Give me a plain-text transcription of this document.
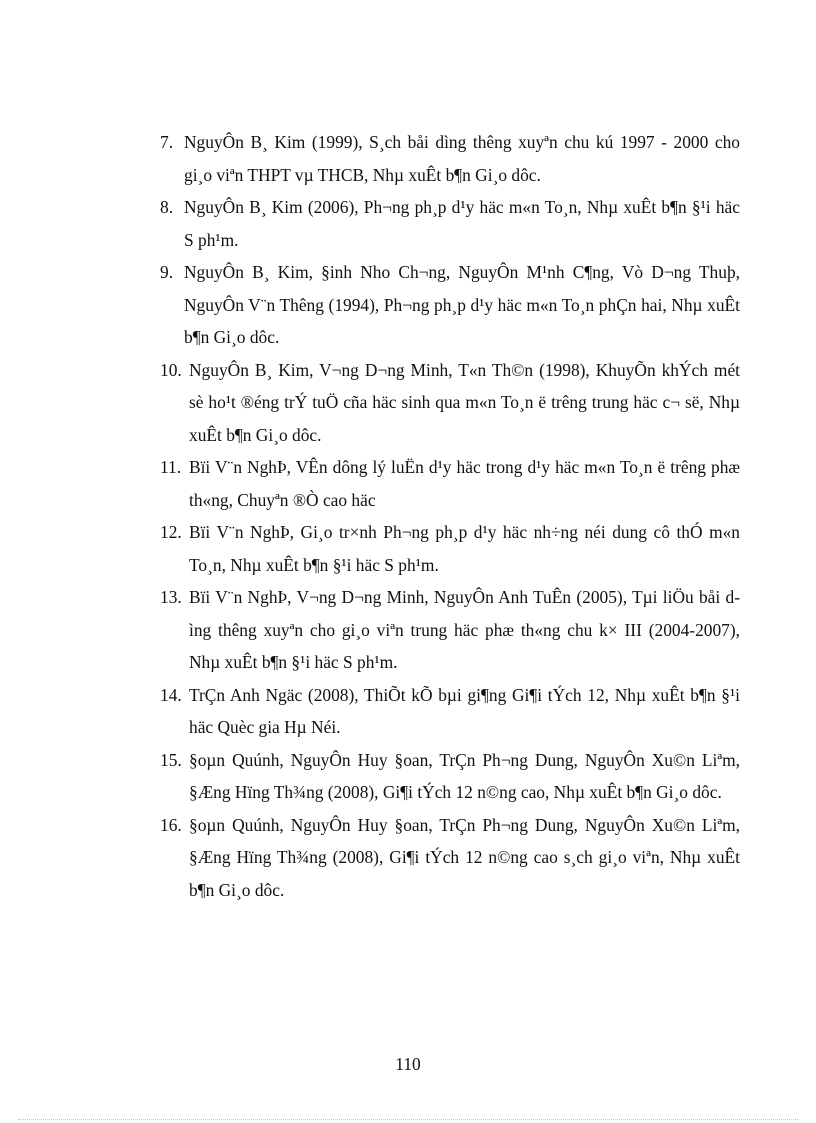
7. NguyÔn B¸ Kim (1999), S¸ch båi dìng thêng xuyªn chu kú 1997 - 2000 cho gi¸o viªn THPT vµ THCB, Nhµ xuÊt b¶n Gi¸o dôc.
8. NguyÔn B¸ Kim (2006), Ph¬ng ph¸p d¹y häc m«n To¸n, Nhµ xuÊt b¶n §¹i häc S ph¹m.
9. NguyÔn B¸ Kim, §inh Nho Ch¬ng, NguyÔn M¹nh C¶ng, Vò D¬ng Thuþ, NguyÔn V¨n Thêng (1994), Ph¬ng ph¸p d¹y häc m«n To¸n phÇn hai, Nhµ xuÊt b¶n Gi¸o dôc.
10. NguyÔn B¸ Kim, V¬ng D¬ng Minh, T«n Th©n (1998), KhuyÕn khÝch mét sè ho¹t ®éng trÝ tuÖ cña häc sinh qua m«n To¸n ë trêng trung häc c¬ së, Nhµ xuÊt b¶n Gi¸o dôc.
11. Bïi V¨n NghÞ, VÊn dông lý luËn d¹y häc trong d¹y häc m«n To¸n ë trêng phæ th«ng, Chuyªn ®Ò cao häc
12. Bïi V¨n NghÞ, Gi¸o tr×nh Ph¬ng ph¸p d¹y häc nh÷ng néi dung cô thÓ m«n To¸n, Nhµ xuÊt b¶n §¹i häc S ph¹m.
13. Bïi V¨n NghÞ, V¬ng D¬ng Minh, NguyÔn Anh TuÊn (2005), Tµi liÖu båi dìng thêng xuyªn cho gi¸o viªn trung häc phæ th«ng chu k× III (2004-2007), Nhµ xuÊt b¶n §¹i häc S ph¹m.
14. TrÇn Anh Ngäc (2008), ThiÕt kÕ bµi gi¶ng Gi¶i tÝch 12, Nhµ xuÊt b¶n §¹i häc Quèc gia Hµ Néi.
15. §oµn Quúnh, NguyÔn Huy §oan, TrÇn Ph¬ng Dung, NguyÔn Xu©n Liªm, §Æng Hïng Th¾ng (2008), Gi¶i tÝch 12 n©ng cao, Nhµ xuÊt b¶n Gi¸o dôc.
16. §oµn Quúnh, NguyÔn Huy §oan, TrÇn Ph¬ng Dung, NguyÔn Xu©n Liªm, §Æng Hïng Th¾ng (2008), Gi¶i tÝch 12 n©ng cao s¸ch gi¸o viªn, Nhµ xuÊt b¶n Gi¸o dôc.
110
